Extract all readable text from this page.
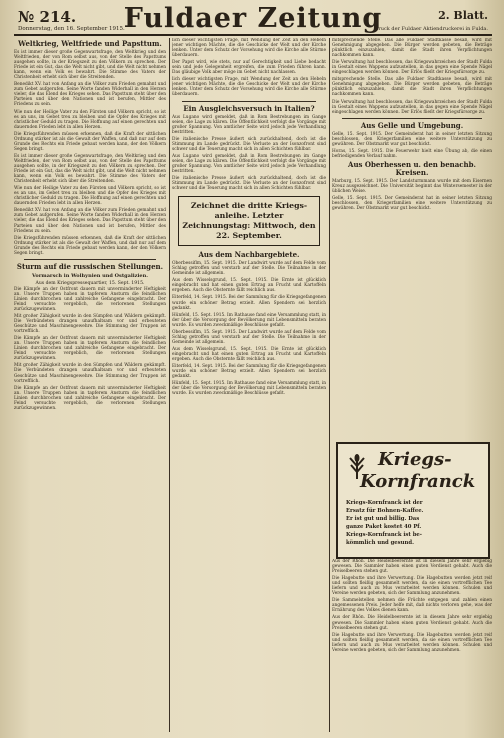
№ 214.
Donnerstag, den 16. September 1915. Fuldaer Zeitung	2. Blatt.
Druck der Fuldaer Aktiendruckerei in Fulda.
Weltkrieg, Weltfriede und Papsttum.

Es ist immer dieser große Gegenwartsfrage, den Weltkrieg und den Weltfrieden, der von Rom selbst aus, von der Stelle des Papsttums ausgehen sollte, in der Kriegszeit zu den Völkern zu sprechen. Der Friede ist ein Gut, das die Welt nicht gibt, und die Welt nicht nehmen kann, wenn ein Volk es bewahrt. Die Stimme des Vaters der Christenheit erhebt sich über die Streitenden.

Benedikt XV. hat von Anfang an die Völker zum Frieden gemahnt und zum Gebet aufgerufen. Seine Worte fanden Widerhall in den Herzen vieler, die das Elend des Krieges sehen. Das Papsttum steht über den Parteien und über den Nationen und ist berufen, Mittler des Friedens zu sein.

Wie nun der Heilige Vater zu den Fürsten und Völkern spricht, so ist es an uns, im Gebet treu zu bleiben und die Opfer des Krieges mit christlicher Geduld zu tragen. Die Hoffnung auf einen gerechten und dauernden Frieden lebt in allen Herzen.

Die Kriegsführenden müssen erkennen, daß die Kraft der sittlichen Ordnung stärker ist als die Gewalt der Waffen, und daß nur auf dem Grunde des Rechts ein Friede gebaut werden kann, der den Völkern Segen bringt.

Es ist immer dieser große Gegenwartsfrage, den Weltkrieg und den Weltfrieden, der von Rom selbst aus, von der Stelle des Papsttums ausgehen sollte, in der Kriegszeit zu den Völkern zu sprechen. Der Friede ist ein Gut, das die Welt nicht gibt, und die Welt nicht nehmen kann, wenn ein Volk es bewahrt. Die Stimme des Vaters der Christenheit erhebt sich über die Streitenden.

Wie nun der Heilige Vater zu den Fürsten und Völkern spricht, so ist es an uns, im Gebet treu zu bleiben und die Opfer des Krieges mit christlicher Geduld zu tragen. Die Hoffnung auf einen gerechten und dauernden Frieden lebt in allen Herzen.

Benedikt XV. hat von Anfang an die Völker zum Frieden gemahnt und zum Gebet aufgerufen. Seine Worte fanden Widerhall in den Herzen vieler, die das Elend des Krieges sehen. Das Papsttum steht über den Parteien und über den Nationen und ist berufen, Mittler des Friedens zu sein.

Die Kriegsführenden müssen erkennen, daß die Kraft der sittlichen Ordnung stärker ist als die Gewalt der Waffen, und daß nur auf dem Grunde des Rechts ein Friede gebaut werden kann, der den Völkern Segen bringt.

Sturm auf die russischen Stellungen.
Vormarsch in Wolhynien und Ostgalizien.
Aus dem Kriegspressequartier, 15. Sept. 1915.

Die Kämpfe an der Ostfront dauern mit unverminderter Heftigkeit an. Unsere Truppen haben in tapferem Ansturm die feindlichen Linien durchbrochen und zahlreiche Gefangene eingebracht. Der Feind versuchte vergeblich, die verlorenen Stellungen zurückzugewinnen.

Mit großer Zähigkeit wurde in den Sümpfen und Wäldern gekämpft. Die Verbündeten drangen unaufhaltsam vor und erbeuteten Geschütze und Maschinengewehre. Die Stimmung der Truppen ist vortrefflich.

Die Kämpfe an der Ostfront dauern mit unverminderter Heftigkeit an. Unsere Truppen haben in tapferem Ansturm die feindlichen Linien durchbrochen und zahlreiche Gefangene eingebracht. Der Feind versuchte vergeblich, die verlorenen Stellungen zurückzugewinnen.

Mit großer Zähigkeit wurde in den Sümpfen und Wäldern gekämpft. Die Verbündeten drangen unaufhaltsam vor und erbeuteten Geschütze und Maschinengewehre. Die Stimmung der Truppen ist vortrefflich.

Die Kämpfe an der Ostfront dauern mit unverminderter Heftigkeit an. Unsere Truppen haben in tapferem Ansturm die feindlichen Linien durchbrochen und zahlreiche Gefangene eingebracht. Der Feind versuchte vergeblich, die verlorenen Stellungen zurückzugewinnen.

lich dieser wichtigsten Frage, mit Wendung der Zeit an den Hebeln jener wichtigen Mächte, die die Geschicke der Welt und der Kirche lenken. Unter dem Schutz der Vorsehung wird die Kirche alle Stürme überdauern.

Der Papst wird, wie stets, nur auf Gerechtigkeit und Liebe bedacht sein und jede Gelegenheit ergreifen, die zum Frieden führen kann. Das gläubige Volk aber möge im Gebet nicht nachlassen.

lich dieser wichtigsten Frage, mit Wendung der Zeit an den Hebeln jener wichtigen Mächte, die die Geschicke der Welt und der Kirche lenken. Unter dem Schutz der Vorsehung wird die Kirche alle Stürme überdauern.

Ein Ausgleichsversuch in Italien?

Aus Lugano wird gemeldet, daß in Rom Bestrebungen im Gange seien, die Lage zu klären. Die Öffentlichkeit verfolgt die Vorgänge mit großer Spannung. Von amtlicher Seite wird jedoch jede Verhandlung bestritten.

Die italienische Presse äußert sich zurückhaltend, doch ist die Stimmung im Lande gedrückt. Die Verluste an der Isonzofront sind schwer und die Teuerung macht sich in allen Schichten fühlbar.

Aus Lugano wird gemeldet, daß in Rom Bestrebungen im Gange seien, die Lage zu klären. Die Öffentlichkeit verfolgt die Vorgänge mit großer Spannung. Von amtlicher Seite wird jedoch jede Verhandlung bestritten.

Die italienische Presse äußert sich zurückhaltend, doch ist die Stimmung im Lande gedrückt. Die Verluste an der Isonzofront sind schwer und die Teuerung macht sich in allen Schichten fühlbar.

Zeichnet die dritte Kriegs-anleihe. Letzter Zeichnungstag: Mittwoch, den 22. September.
Aus dem Nachbargebiete.

Oberbessiflm, 15. Sept. 1915. Der Landwirt wurde auf dem Felde vom Schlag getroffen und verstarb auf der Stelle. Die Teilnahme in der Gemeinde ist allgemein.

Aus dem Wisselsgrund, 15. Sept. 1915. Die Ernte ist glücklich eingebracht und hat einen guten Ertrag an Frucht und Kartoffeln ergeben. Auch die Obsternte fällt reichlich aus.

Eiterfeld, 14. Sept. 1915. Bei der Sammlung für die Kriegsgefangenen wurde ein schöner Betrag erzielt. Allen Spendern sei herzlich gedankt.

Hünfeld, 15. Sept. 1915. Im Rathause fand eine Versammlung statt, in der über die Versorgung der Bevölkerung mit Lebensmitteln beraten wurde. Es wurden zweckmäßige Beschlüsse gefaßt.

Oberbessiflm, 15. Sept. 1915. Der Landwirt wurde auf dem Felde vom Schlag getroffen und verstarb auf der Stelle. Die Teilnahme in der Gemeinde ist allgemein.

Aus dem Wisselsgrund, 15. Sept. 1915. Die Ernte ist glücklich eingebracht und hat einen guten Ertrag an Frucht und Kartoffeln ergeben. Auch die Obsternte fällt reichlich aus.

Eiterfeld, 14. Sept. 1915. Bei der Sammlung für die Kriegsgefangenen wurde ein schöner Betrag erzielt. Allen Spendern sei herzlich gedankt.

Hünfeld, 15. Sept. 1915. Im Rathause fand eine Versammlung statt, in der über die Versorgung der Bevölkerung mit Lebensmitteln beraten wurde. Es wurden zweckmäßige Beschlüsse gefaßt.

mitsprechende Stelle. Das alle Fuldaer Stadtkasse besaß, wird mit Genehmigung abgegeben. Die Bürger werden gebeten, die Beträge pünktlich einzuzahlen, damit die Stadt ihren Verpflichtungen nachkommen kann.

Die Verwaltung hat beschlossen, das Kriegswahrzeichen der Stadt Fulda in Gestalt eines Wappens aufzustellen, in das gegen eine Spende Nägel eingeschlagen werden können. Der Erlös fließt der Kriegsfürsorge zu.

mitsprechende Stelle. Das alle Fuldaer Stadtkasse besaß, wird mit Genehmigung abgegeben. Die Bürger werden gebeten, die Beträge pünktlich einzuzahlen, damit die Stadt ihren Verpflichtungen nachkommen kann.

Die Verwaltung hat beschlossen, das Kriegswahrzeichen der Stadt Fulda in Gestalt eines Wappens aufzustellen, in das gegen eine Spende Nägel eingeschlagen werden können. Der Erlös fließt der Kriegsfürsorge zu.

Aus Gelle und Umgebung.

Gelle, 15. Sept. 1915. Der Gemeinderat hat in seiner letzten Sitzung beschlossen, den Kriegerfamilien eine weitere Unterstützung zu gewähren. Der Obstmarkt war gut beschickt.

Horas, 15. Sept. 1915. Die Feuerwehr hielt eine Übung ab, die einen befriedigenden Verlauf nahm.

Aus Oberhessen u. den benachb. Kreisen.

Marburg, 15. Sept. 1915. Der Landsturmmann wurde mit dem Eisernen Kreuz ausgezeichnet. Die Universität beginnt das Wintersemester in der üblichen Weise.

Gelle, 15. Sept. 1915. Der Gemeinderat hat in seiner letzten Sitzung beschlossen, den Kriegerfamilien eine weitere Unterstützung zu gewähren. Der Obstmarkt war gut beschickt.

Kriegs-
Kornfranck
Kriegs-Kornfranck ist der
Ersatz für Bohnen-Kaffee.
Er ist gut und billig. Das
ganze Paket kostet 40 Pf.
Kriegs-Kornfranck ist be-
kömmlich und gesund.

Aus der Rhön. Die Heidelbeerernte ist in diesem Jahre sehr ergiebig gewesen. Die Sammler haben einen guten Verdienst gehabt. Auch die Preiselbeeren stehen gut.

Die Hagebutte und ihre Verwertung. Die Hagebutten werden jetzt reif und sollten fleißig gesammelt werden, da sie einen vortrefflichen Tee liefern und auch zu Mus verarbeitet werden können. Schulen und Vereine werden gebeten, sich der Sammlung anzunehmen.

Die Sammelstellen nehmen die Früchte entgegen und zahlen einen angemessenen Preis. Jeder helfe mit, daß nichts verloren gehe, was der Ernährung des Volkes dienen kann.

Aus der Rhön. Die Heidelbeerernte ist in diesem Jahre sehr ergiebig gewesen. Die Sammler haben einen guten Verdienst gehabt. Auch die Preiselbeeren stehen gut.

Die Hagebutte und ihre Verwertung. Die Hagebutten werden jetzt reif und sollten fleißig gesammelt werden, da sie einen vortrefflichen Tee liefern und auch zu Mus verarbeitet werden können. Schulen und Vereine werden gebeten, sich der Sammlung anzunehmen.
